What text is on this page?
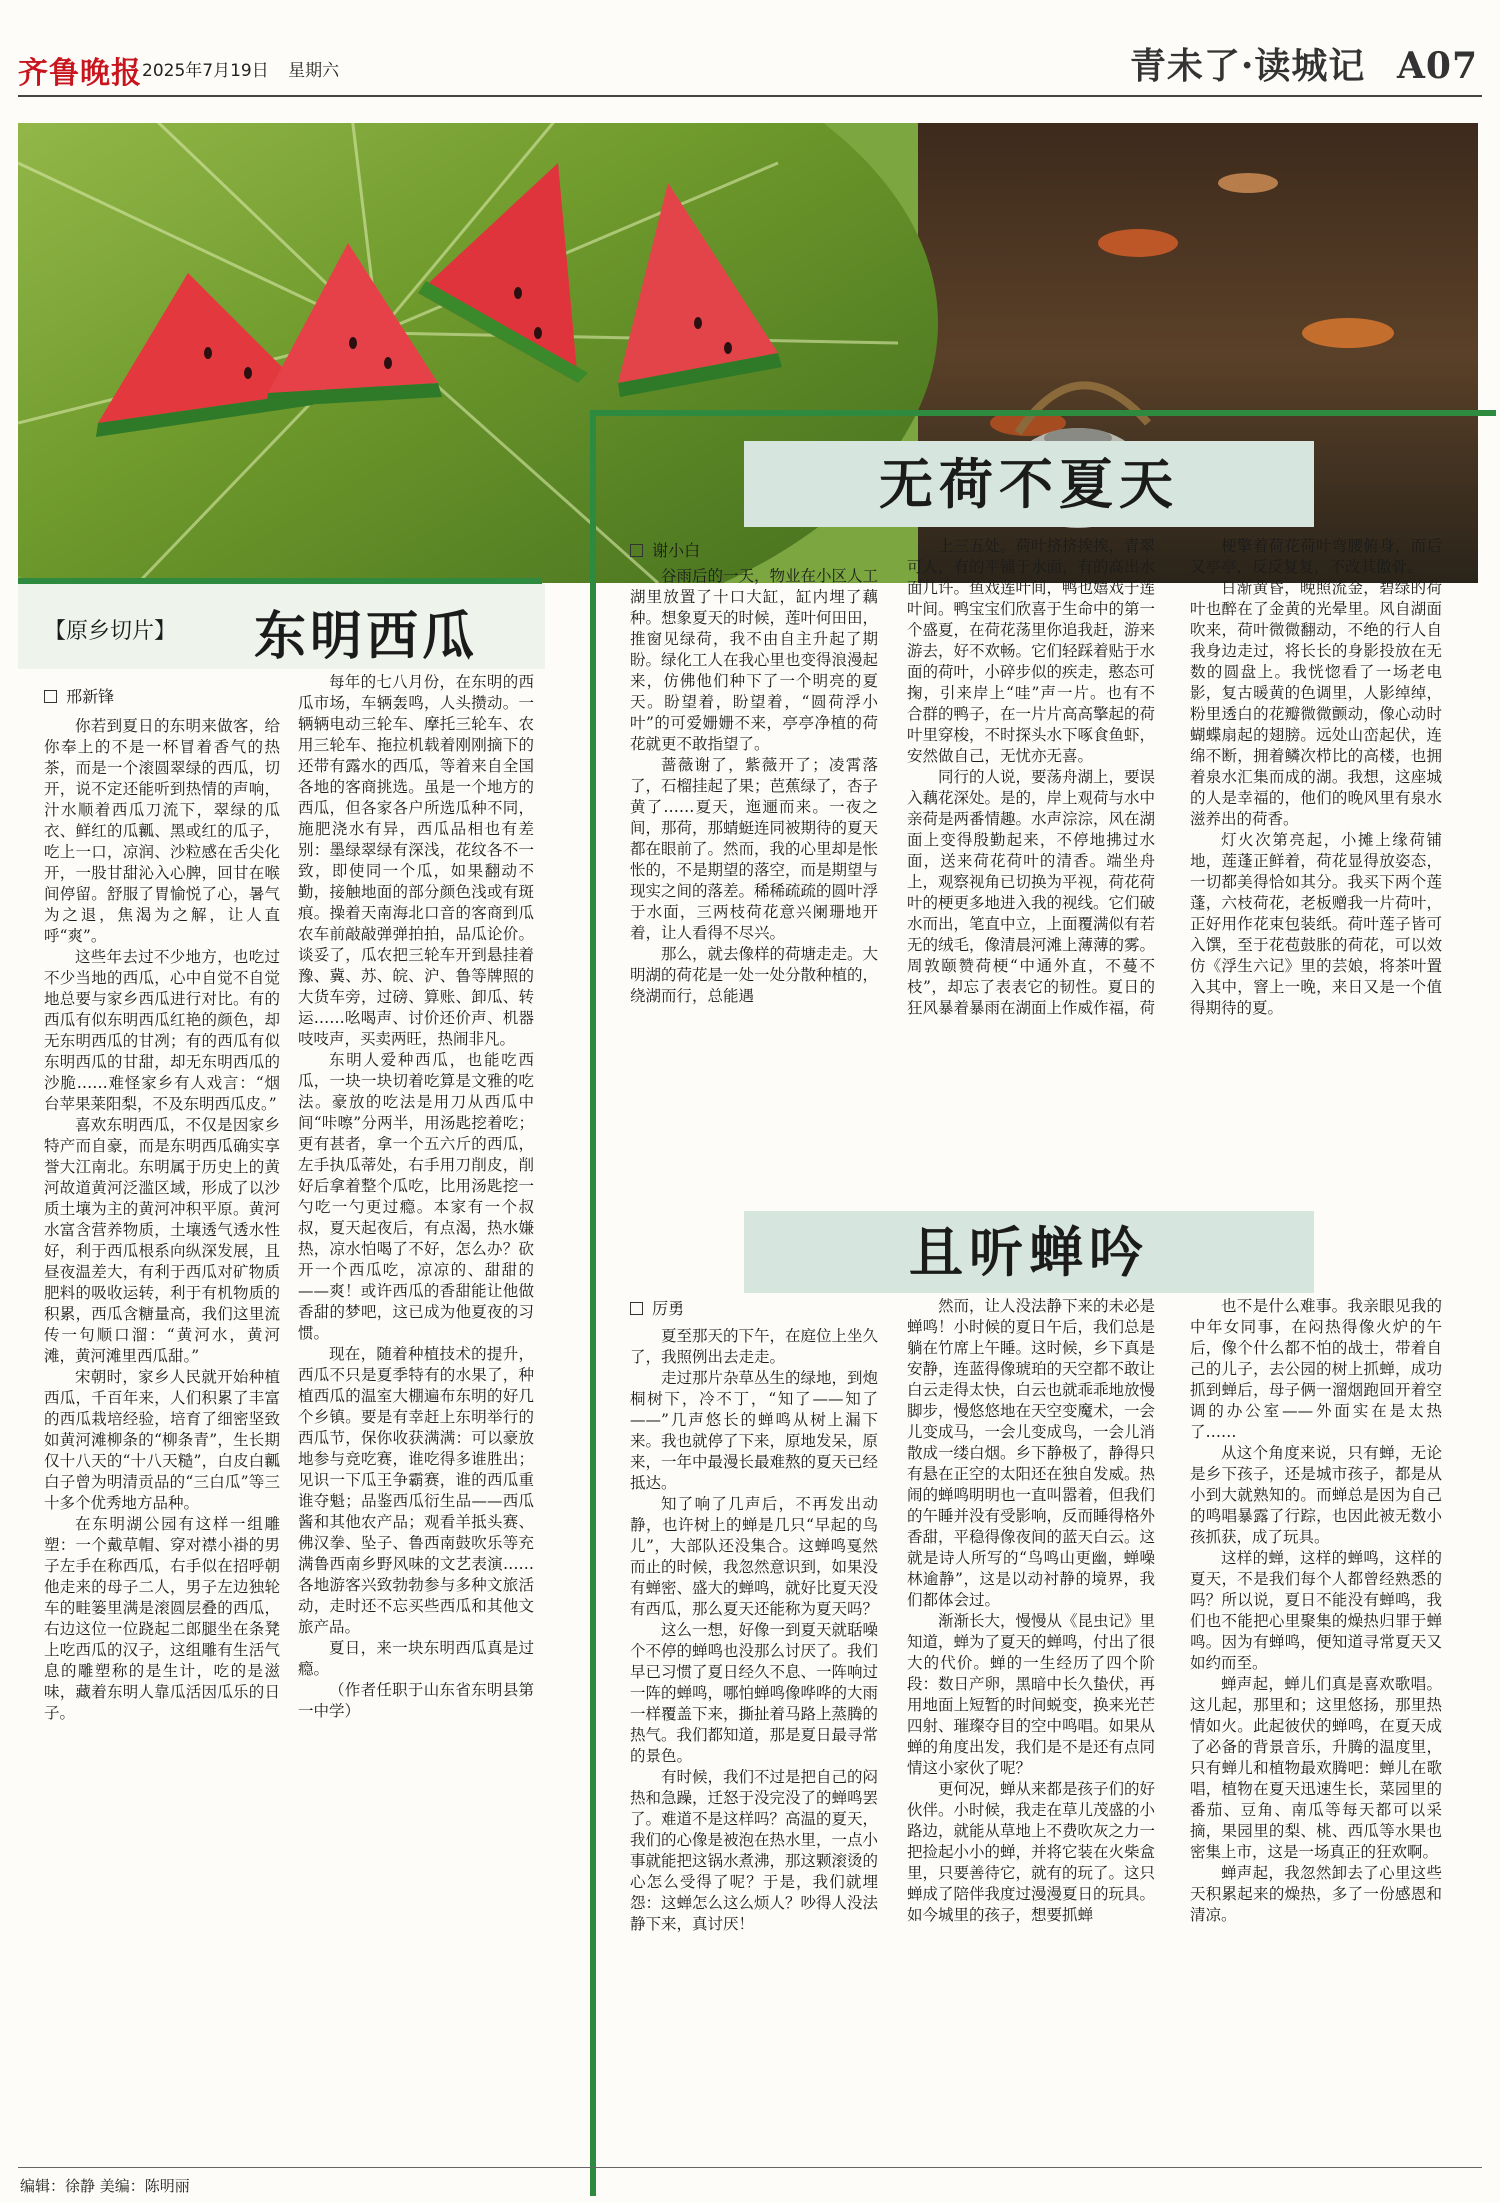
齐鲁晚报 2025年7月19日 星期六	青未了·读城记 A07
【原乡切片】 东明西瓜
邢新锋

你若到夏日的东明来做客，给你奉上的不是一杯冒着香气的热茶，而是一个滚圆翠绿的西瓜，切开，说不定还能听到热情的声响，汁水顺着西瓜刀流下，翠绿的瓜衣、鲜红的瓜瓤、黑或红的瓜子，吃上一口，凉润、沙粒感在舌尖化开，一股甘甜沁入心脾，回甘在喉间停留。舒服了胃愉悦了心，暑气为之退，焦渴为之解，让人直呼“爽”。

这些年去过不少地方，也吃过不少当地的西瓜，心中自觉不自觉地总要与家乡西瓜进行对比。有的西瓜有似东明西瓜红艳的颜色，却无东明西瓜的甘冽；有的西瓜有似东明西瓜的甘甜，却无东明西瓜的沙脆……难怪家乡有人戏言：“烟台苹果莱阳梨，不及东明西瓜皮。”

喜欢东明西瓜，不仅是因家乡特产而自豪，而是东明西瓜确实享誉大江南北。东明属于历史上的黄河故道黄河泛滥区域，形成了以沙质土壤为主的黄河冲积平原。黄河水富含营养物质，土壤透气透水性好，利于西瓜根系向纵深发展，且昼夜温差大，有利于西瓜对矿物质肥料的吸收运转，利于有机物质的积累，西瓜含糖量高，我们这里流传一句顺口溜：“黄河水，黄河滩，黄河滩里西瓜甜。”

宋朝时，家乡人民就开始种植西瓜，千百年来，人们积累了丰富的西瓜栽培经验，培育了细密坚致如黄河滩柳条的“柳条青”，生长期仅十八天的“十八天糙”，白皮白瓤白子曾为明清贡品的“三白瓜”等三十多个优秀地方品种。

在东明湖公园有这样一组雕塑：一个戴草帽、穿对襟小褂的男子左手在称西瓜，右手似在招呼朝他走来的母子二人，男子左边独轮车的畦篓里满是滚圆层叠的西瓜，右边这位一位跷起二郎腿坐在条凳上吃西瓜的汉子，这组雕有生活气息的雕塑称的是生计，吃的是滋味，藏着东明人靠瓜活因瓜乐的日子。

每年的七八月份，在东明的西瓜市场，车辆轰鸣，人头攒动。一辆辆电动三轮车、摩托三轮车、农用三轮车、拖拉机载着刚刚摘下的还带有露水的西瓜，等着来自全国各地的客商挑选。虽是一个地方的西瓜，但各家各户所选瓜种不同，施肥浇水有异，西瓜品相也有差别：墨绿翠绿有深浅，花纹各不一致，即使同一个瓜，如果翻动不勤，接触地面的部分颜色浅或有斑痕。操着天南海北口音的客商到瓜农车前敲敲弹弹拍拍，品瓜论价。谈妥了，瓜农把三轮车开到悬挂着豫、冀、苏、皖、沪、鲁等牌照的大货车旁，过磅、算账、卸瓜、转运……吆喝声、讨价还价声、机器吱吱声，买卖两旺，热闹非凡。

东明人爱种西瓜，也能吃西瓜，一块一块切着吃算是文雅的吃法。豪放的吃法是用刀从西瓜中间“咔嚓”分两半，用汤匙挖着吃；更有甚者，拿一个五六斤的西瓜，左手执瓜蒂处，右手用刀削皮，削好后拿着整个瓜吃，比用汤匙挖一勺吃一勺更过瘾。本家有一个叔叔，夏天起夜后，有点渴，热水嫌热，凉水怕喝了不好，怎么办？砍开一个西瓜吃，凉凉的、甜甜的——爽！或许西瓜的香甜能让他做香甜的梦吧，这已成为他夏夜的习惯。

现在，随着种植技术的提升，西瓜不只是夏季特有的水果了，种植西瓜的温室大棚遍布东明的好几个乡镇。要是有幸赶上东明举行的西瓜节，保你收获满满：可以豪放地参与竞吃赛，谁吃得多谁胜出；见识一下瓜王争霸赛，谁的西瓜重谁夺魁；品鉴西瓜衍生品——西瓜酱和其他农产品；观看羊抵头赛、佛汉拳、坠子、鲁西南鼓吹乐等充满鲁西南乡野风味的文艺表演……各地游客兴致勃勃参与多种文旅活动，走时还不忘买些西瓜和其他文旅产品。

夏日，来一块东明西瓜真是过瘾。

（作者任职于山东省东明县第一中学）

无荷不夏天
谢小白

谷雨后的一天，物业在小区人工湖里放置了十口大缸，缸内埋了藕种。想象夏天的时候，莲叶何田田，推窗见绿荷，我不由自主升起了期盼。绿化工人在我心里也变得浪漫起来，仿佛他们种下了一个明亮的夏天。盼望着，盼望着，“圆荷浮小叶”的可爱姗姗不来，亭亭净植的荷花就更不敢指望了。

蔷薇谢了，紫薇开了；凌霄落了，石榴挂起了果；芭蕉绿了，杏子黄了……夏天，迤逦而来。一夜之间，那荷，那蜻蜓连同被期待的夏天都在眼前了。然而，我的心里却是怅怅的，不是期望的落空，而是期望与现实之间的落差。稀稀疏疏的圆叶浮于水面，三两枝荷花意兴阑珊地开着，让人看得不尽兴。

那么，就去像样的荷塘走走。大明湖的荷花是一处一处分散种植的，绕湖而行，总能遇

上三五处。荷叶挤挤挨挨，青翠可人，有的平铺于水面，有的高出水面几许。鱼戏莲叶间，鸭也嬉戏于莲叶间。鸭宝宝们欣喜于生命中的第一个盛夏，在荷花荡里你追我赶，游来游去，好不欢畅。它们轻踩着贴于水面的荷叶，小碎步似的疾走，憨态可掬，引来岸上“哇”声一片。也有不合群的鸭子，在一片片高高擎起的荷叶里穿梭，不时探头水下啄食鱼虾，安然做自己，无忧亦无喜。

同行的人说，要荡舟湖上，要误入藕花深处。是的，岸上观荷与水中亲荷是两番情趣。水声淙淙，风在湖面上变得殷勤起来，不停地拂过水面，送来荷花荷叶的清香。端坐舟上，观察视角已切换为平视，荷花荷叶的梗更多地进入我的视线。它们破水而出，笔直中立，上面覆满似有若无的绒毛，像清晨河滩上薄薄的雾。周敦颐赞荷梗“中通外直，不蔓不枝”，却忘了表表它的韧性。夏日的狂风暴着暴雨在湖面上作威作福，荷

梗擎着荷花荷叶弯腰俯身，而后又亭亭，反反复复，不改其傲骨。

日渐黄昏，晚照流金，碧绿的荷叶也醉在了金黄的光晕里。风自湖面吹来，荷叶微微翻动，不绝的行人自我身边走过，将长长的身影投放在无数的圆盘上。我恍惚看了一场老电影，复古暖黄的色调里，人影绰绰，粉里透白的花瓣微微颤动，像心动时蝴蝶扇起的翅膀。远处山峦起伏，连绵不断，拥着鳞次栉比的高楼，也拥着泉水汇集而成的湖。我想，这座城的人是幸福的，他们的晚风里有泉水滋养出的荷香。

灯火次第亮起，小摊上缘荷铺地，莲蓬正鲜着，荷花显得放姿态，一切都美得恰如其分。我买下两个莲蓬，六枝荷花，老板赠我一片荷叶，正好用作花束包装纸。荷叶莲子皆可入馔，至于花苞鼓胀的荷花，可以效仿《浮生六记》里的芸娘，将茶叶置入其中，窨上一晚，来日又是一个值得期待的夏。

且听蝉吟
厉勇

夏至那天的下午，在庭位上坐久了，我照例出去走走。

走过那片杂草丛生的绿地，到炮桐树下，冷不丁，“知了——知了——”几声悠长的蝉鸣从树上漏下来。我也就停了下来，原地发呆，原来，一年中最漫长最难熬的夏天已经抵达。

知了响了几声后，不再发出动静，也许树上的蝉是几只“早起的鸟儿”，大部队还没集合。这蝉鸣戛然而止的时候，我忽然意识到，如果没有蝉密、盛大的蝉鸣，就好比夏天没有西瓜，那么夏天还能称为夏天吗？

这么一想，好像一到夏天就聒噪个不停的蝉鸣也没那么讨厌了。我们早已习惯了夏日经久不息、一阵响过一阵的蝉鸣，哪怕蝉鸣像哗哗的大雨一样覆盖下来，撕扯着马路上蒸腾的热气。我们都知道，那是夏日最寻常的景色。

有时候，我们不过是把自己的闷热和急躁，迁怒于没完没了的蝉鸣罢了。难道不是这样吗？高温的夏天，我们的心像是被泡在热水里，一点小事就能把这锅水煮沸，那这颗滚烫的心怎么受得了呢？于是，我们就埋怨：这蝉怎么这么烦人？吵得人没法静下来，真讨厌！

然而，让人没法静下来的未必是蝉鸣！小时候的夏日午后，我们总是躺在竹席上午睡。这时候，乡下真是安静，连蓝得像琥珀的天空都不敢让白云走得太快，白云也就乖乖地放慢脚步，慢悠悠地在天空变魔术，一会儿变成马，一会儿变成鸟，一会儿消散成一缕白烟。乡下静极了，静得只有悬在正空的太阳还在独自发威。热闹的蝉鸣明明也一直叫嚣着，但我们的午睡并没有受影响，反而睡得格外香甜，平稳得像夜间的蓝天白云。这就是诗人所写的“鸟鸣山更幽，蝉噪林逾静”，这是以动衬静的境界，我们都体会过。

渐渐长大，慢慢从《昆虫记》里知道，蝉为了夏天的蝉鸣，付出了很大的代价。蝉的一生经历了四个阶段：数日产卵，黑暗中长久蛰伏，再用地面上短暂的时间蜕变，换来光芒四射、璀璨夺目的空中鸣唱。如果从蝉的角度出发，我们是不是还有点同情这小家伙了呢？

更何况，蝉从来都是孩子们的好伙伴。小时候，我走在草儿茂盛的小路边，就能从草地上不费吹灰之力一把捡起小小的蝉，并将它装在火柴盒里，只要善待它，就有的玩了。这只蝉成了陪伴我度过漫漫夏日的玩具。如今城里的孩子，想要抓蝉

也不是什么难事。我亲眼见我的中年女同事，在闷热得像火炉的午后，像个什么都不怕的战士，带着自己的儿子，去公园的树上抓蝉，成功抓到蝉后，母子俩一溜烟跑回开着空调的办公室——外面实在是太热了……

从这个角度来说，只有蝉，无论是乡下孩子，还是城市孩子，都是从小到大就熟知的。而蝉总是因为自己的鸣唱暴露了行踪，也因此被无数小孩抓获，成了玩具。

这样的蝉，这样的蝉鸣，这样的夏天，不是我们每个人都曾经熟悉的吗？所以说，夏日不能没有蝉鸣，我们也不能把心里聚集的燥热归罪于蝉鸣。因为有蝉鸣，便知道寻常夏天又如约而至。

蝉声起，蝉儿们真是喜欢歌唱。这儿起，那里和；这里悠扬，那里热情如火。此起彼伏的蝉鸣，在夏天成了必备的背景音乐，升腾的温度里，只有蝉儿和植物最欢腾吧：蝉儿在歌唱，植物在夏天迅速生长，菜园里的番茄、豆角、南瓜等每天都可以采摘，果园里的梨、桃、西瓜等水果也密集上市，这是一场真正的狂欢啊。

蝉声起，我忽然卸去了心里这些天积累起来的燥热，多了一份感恩和清凉。

编辑：徐静 美编：陈明丽
